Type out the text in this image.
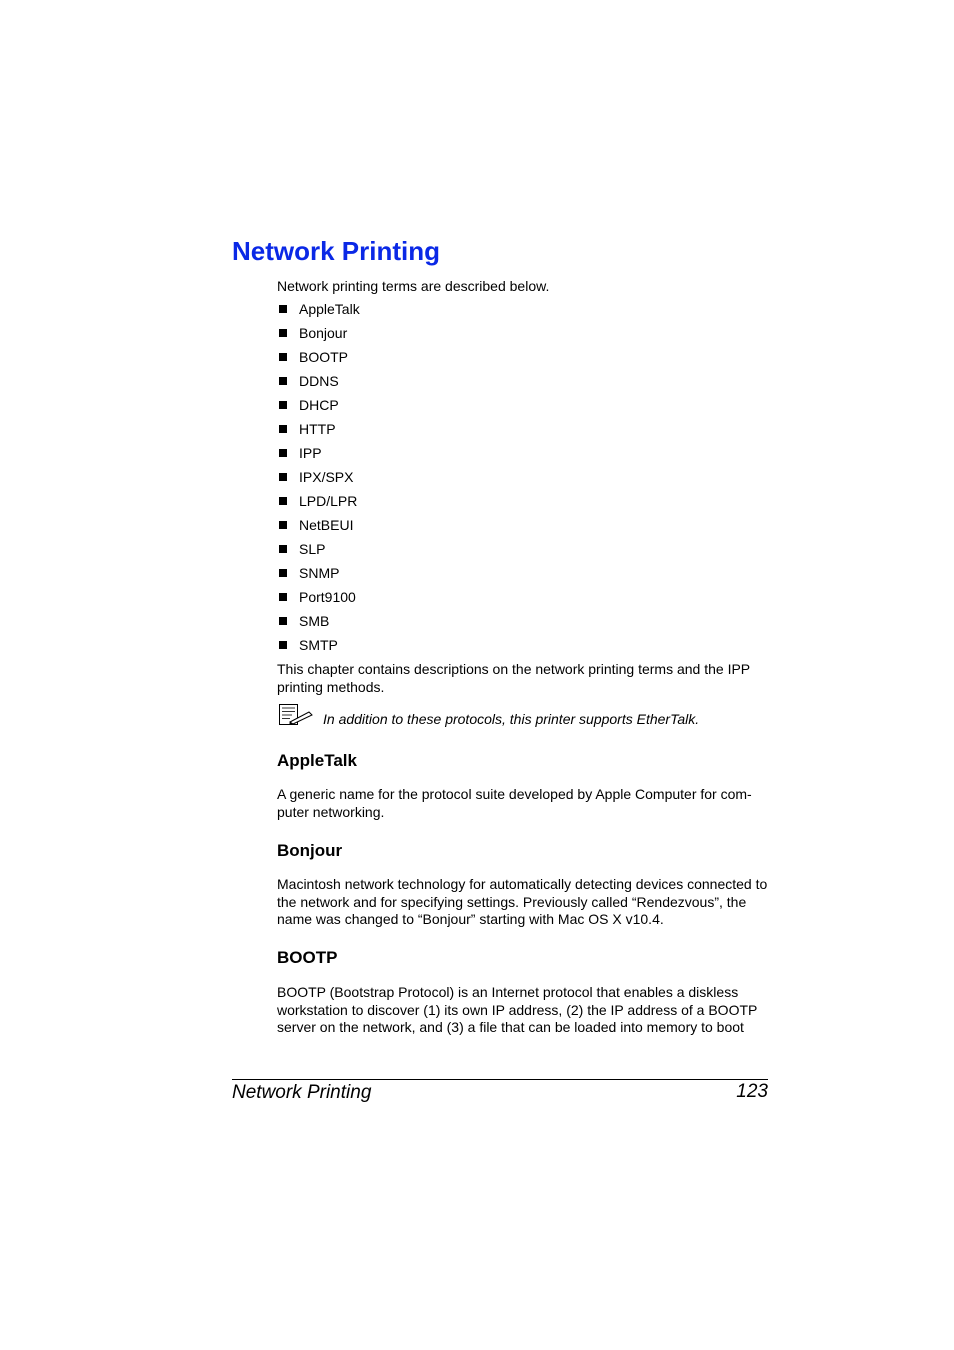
Network Printing

Network printing terms are described below.

AppleTalk
Bonjour
BOOTP
DDNS
DHCP
HTTP
IPP
IPX/SPX
LPD/LPR
NetBEUI
SLP
SNMP
Port9100
SMB
SMTP

This chapter contains descriptions on the network printing terms and the IPP printing methods.

In addition to these protocols, this printer supports EtherTalk.

AppleTalk

A generic name for the protocol suite developed by Apple Computer for com-puter networking.

Bonjour

Macintosh network technology for automatically detecting devices connected to the network and for specifying settings. Previously called “Rendezvous”, the name was changed to “Bonjour” starting with Mac OS X v10.4.

BOOTP

BOOTP (Bootstrap Protocol) is an Internet protocol that enables a diskless workstation to discover (1) its own IP address, (2) the IP address of a BOOTP server on the network, and (3) a file that can be loaded into memory to boot

Network Printing	123
